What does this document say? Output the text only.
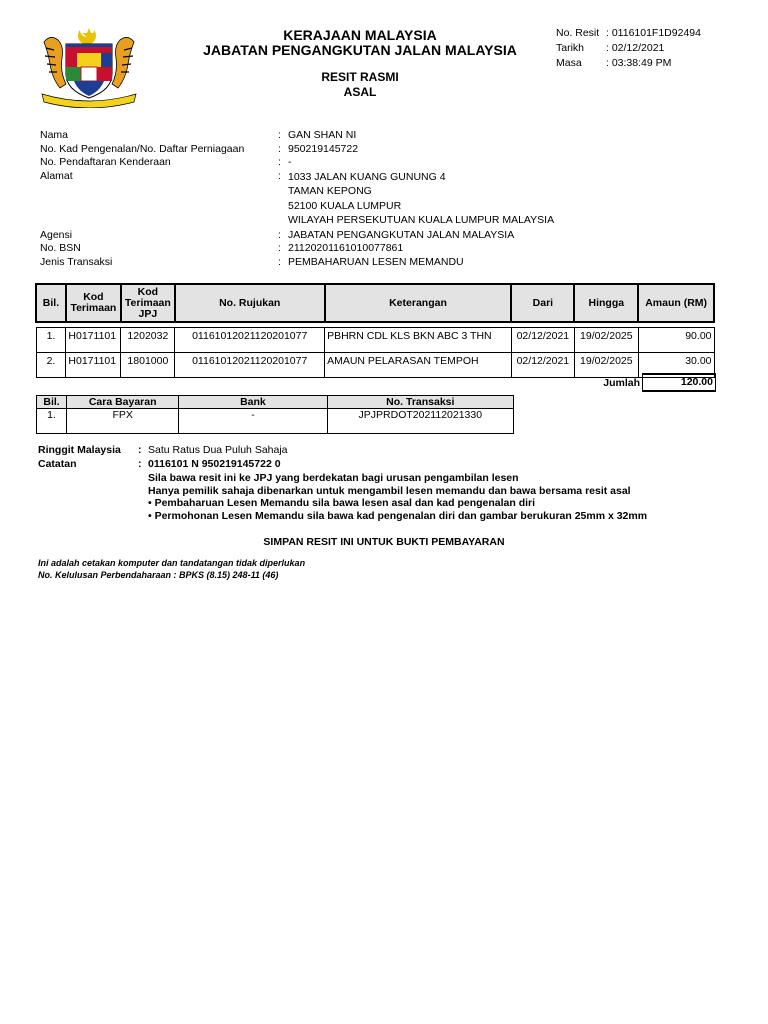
KERAJAAN MALAYSIA
JABATAN PENGANGKUTAN JALAN MALAYSIA
RESIT RASMI
ASAL
No. Resit : 0116101F1D92494
Tarikh	: 02/12/2021
Masa	: 03:38:49 PM
Nama	: GAN SHAN NI
No. Kad Pengenalan/No. Daftar Perniagaan	: 950219145722
No. Pendaftaran Kenderaan	: -
Alamat	: 1033 JALAN KUANG GUNUNG 4
TAMAN KEPONG
52100 KUALA LUMPUR
WILAYAH PERSEKUTUAN KUALA LUMPUR MALAYSIA
Agensi	: JABATAN PENGANGKUTAN JALAN MALAYSIA
No. BSN	: 21120201161010077861
Jenis Transaksi	: PEMBAHARUAN LESEN MEMANDU
Bil.	Kod Terimaan	Kod Terimaan JPJ	No. Rujukan	Keterangan	Dari	Hingga	Amaun (RM)

1.	H0171101	1202032	01161012021120201077	PBHRN CDL KLS BKN ABC 3 THN	02/12/2021	19/02/2025	90.00
2.	H0171101	1801000	01161012021120201077	AMAUN PELARASAN TEMPOH	02/12/2021	19/02/2025	30.00
Jumlah	120.00
Bil.	Cara Bayaran	Bank	No. Transaksi
1.	FPX	-	JPJPRDOT202112021330
Ringgit Malaysia	: Satu Ratus Dua Puluh Sahaja
Catatan	: 0116101 N 950219145722 0
Sila bawa resit ini ke JPJ yang berdekatan bagi urusan pengambilan lesen
Hanya pemilik sahaja dibenarkan untuk mengambil lesen memandu dan bawa bersama resit asal
• Pembaharuan Lesen Memandu sila bawa lesen asal dan kad pengenalan diri
• Permohonan Lesen Memandu sila bawa kad pengenalan diri dan gambar berukuran 25mm x 32mm
SIMPAN RESIT INI UNTUK BUKTI PEMBAYARAN
Ini adalah cetakan komputer dan tandatangan tidak diperlukan
No. Kelulusan Perbendaharaan : BPKS (8.15) 248-11 (46)
